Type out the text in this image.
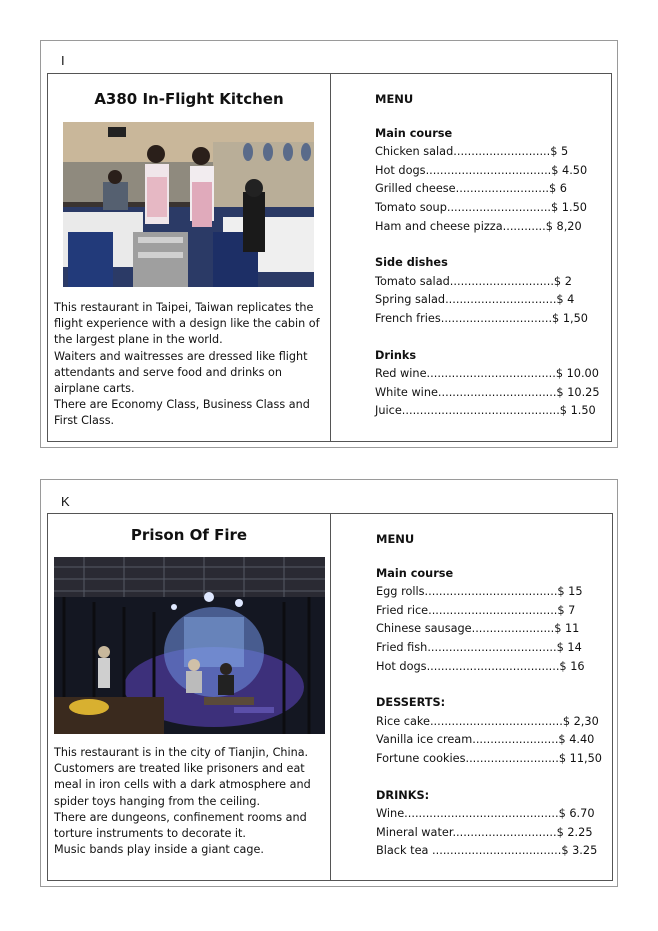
I
A380 In-Flight Kitchen

This restaurant in Taipei, Taiwan replicates the flight experience with a design like the cabin of the largest plane in the world.

Waiters and waitresses are dressed like flight attendants and serve food and drinks on airplane carts.

There are Economy Class, Business Class and First Class.

MENU
Main course
Chicken salad...........................$ 5
Hot dogs...................................$ 4.50
Grilled cheese..........................$ 6
Tomato soup.............................$ 1.50
Ham and cheese pizza............$ 8,20
Side dishes
Tomato salad.............................$ 2
Spring salad...............................$ 4
French fries...............................$ 1,50
Drinks
Red wine....................................$ 10.00
White wine.................................$ 10.25
Juice............................................$ 1.50
K
Prison Of Fire

This restaurant is in the city of Tianjin, China.

Customers are treated like prisoners and eat meal in iron cells with a dark atmosphere and spider toys hanging from the ceiling.

There are dungeons, confinement rooms and torture instruments to decorate it.

Music bands play inside a giant cage.

MENU
Main course
Egg rolls.....................................$ 15
Fried rice....................................$ 7
Chinese sausage.......................$ 11
Fried fish....................................$ 14
Hot dogs.....................................$ 16
DESSERTS:
Rice cake.....................................$ 2,30
Vanilla ice cream........................$ 4.40
Fortune cookies..........................$ 11,50
DRINKS:
Wine...........................................$ 6.70
Mineral water.............................$ 2.25
Black tea ....................................$ 3.25
